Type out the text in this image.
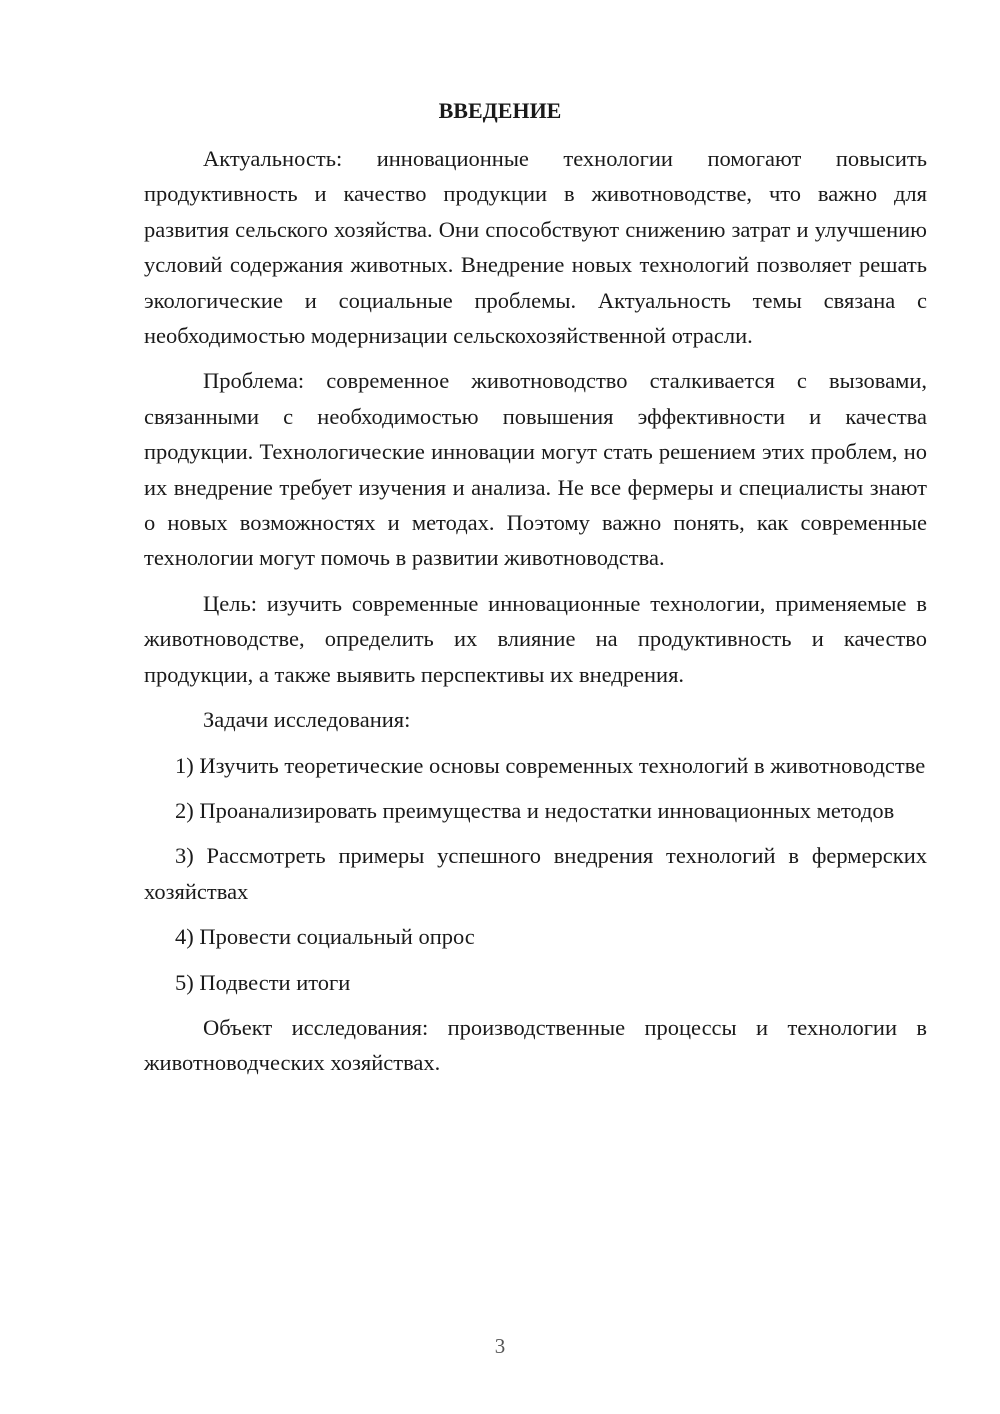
ВВЕДЕНИЕ

Актуальность: инновационные технологии помогают повысить продуктивность и качество продукции в животноводстве, что важно для развития сельского хозяйства. Они способствуют снижению затрат и улучшению условий содержания животных. Внедрение новых технологий позволяет решать экологические и социальные проблемы. Актуальность темы связана с необходимостью модернизации сельскохозяйственной отрасли.

Проблема: современное животноводство сталкивается с вызовами, связанными с необходимостью повышения эффективности и качества продукции. Технологические инновации могут стать решением этих проблем, но их внедрение требует изучения и анализа. Не все фермеры и специалисты знают о новых возможностях и методах. Поэтому важно понять, как современные технологии могут помочь в развитии животноводства.

Цель: изучить современные инновационные технологии, применяемые в животноводстве, определить их влияние на продуктивность и качество продукции, а также выявить перспективы их внедрения.

Задачи исследования:

1) Изучить теоретические основы современных технологий в животноводстве

2) Проанализировать преимущества и недостатки инновационных методов

3) Рассмотреть примеры успешного внедрения технологий в фермерских хозяйствах

4) Провести социальный опрос

5) Подвести итоги

Объект исследования: производственные процессы и технологии в животноводческих хозяйствах.

3
